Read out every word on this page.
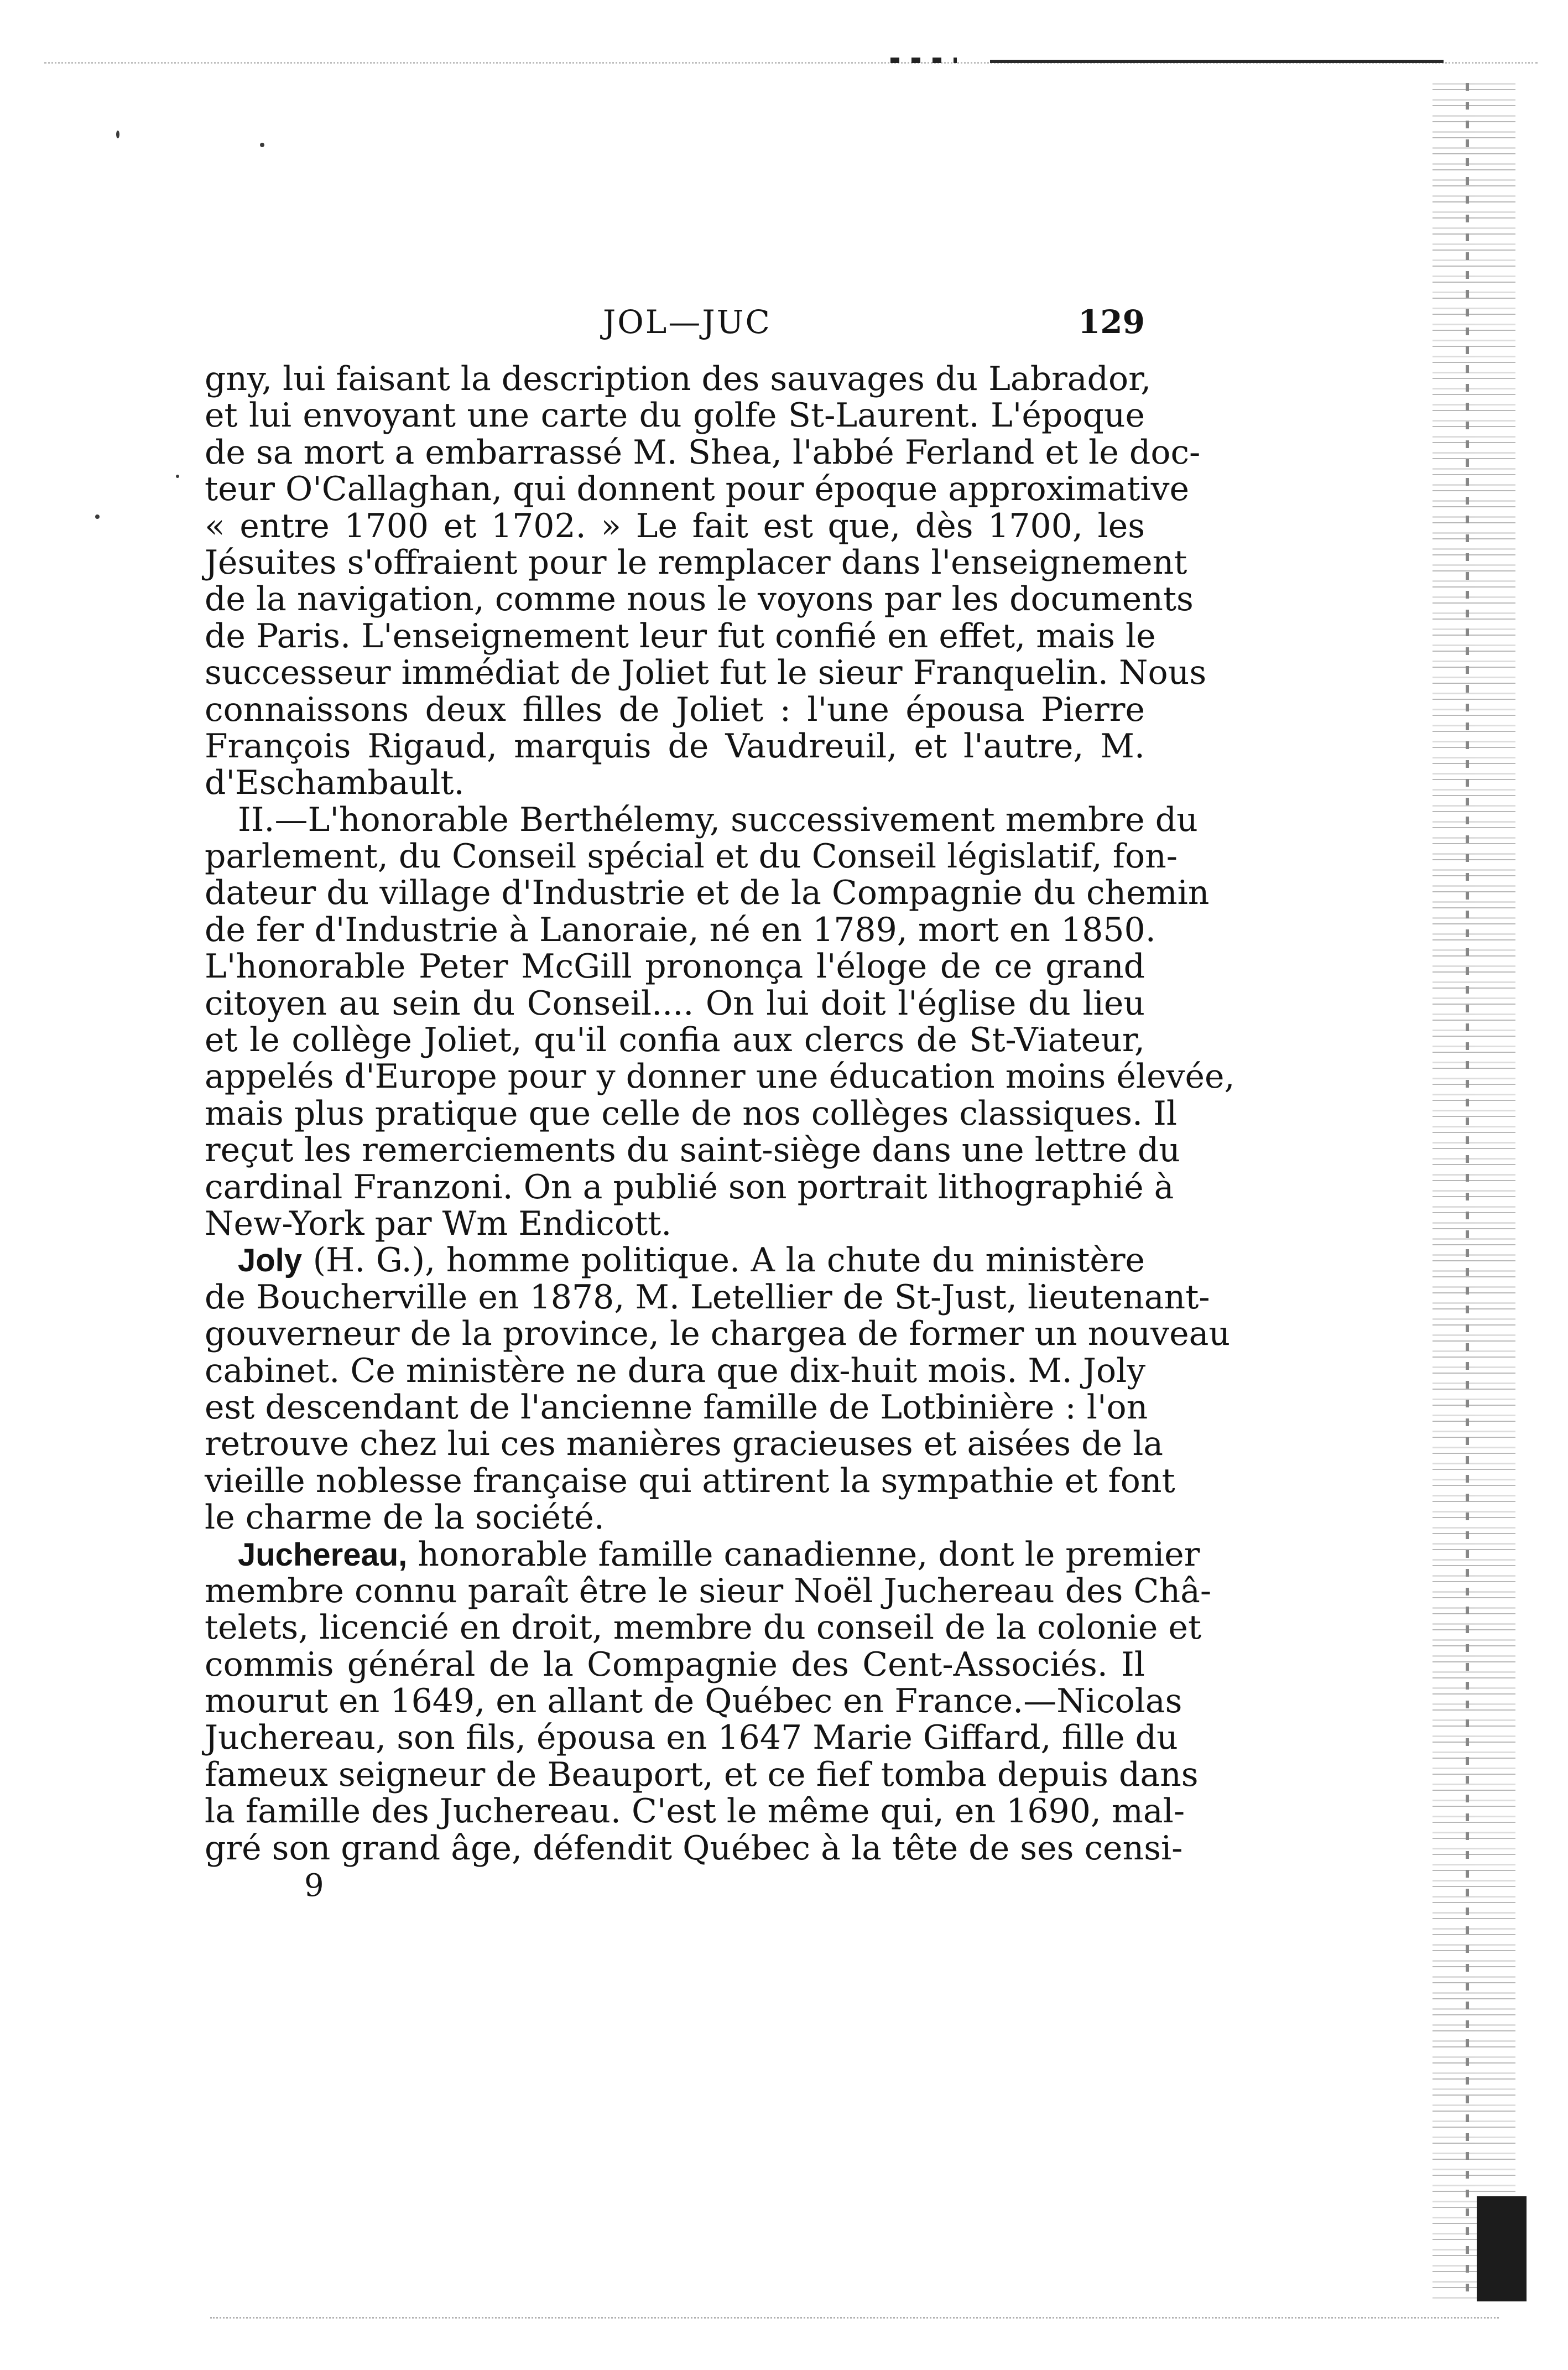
JOL—JUC	129
gny, lui faisant la description des sauvages du Labrador,
et lui envoyant une carte du golfe St-Laurent. L'époque
de sa mort a embarrassé M. Shea, l'abbé Ferland et le doc-
teur O'Callaghan, qui donnent pour époque approximative
« entre 1700 et 1702. » Le fait est que, dès 1700, les
Jésuites s'offraient pour le remplacer dans l'enseignement
de la navigation, comme nous le voyons par les documents
de Paris. L'enseignement leur fut confié en effet, mais le
successeur immédiat de Joliet fut le sieur Franquelin. Nous
connaissons deux filles de Joliet : l'une épousa Pierre
François Rigaud, marquis de Vaudreuil, et l'autre, M.
d'Eschambault.
II.—L'honorable Berthélemy, successivement membre du
parlement, du Conseil spécial et du Conseil législatif, fon-
dateur du village d'Industrie et de la Compagnie du chemin
de fer d'Industrie à Lanoraie, né en 1789, mort en 1850.
L'honorable Peter McGill prononça l'éloge de ce grand
citoyen au sein du Conseil.... On lui doit l'église du lieu
et le collège Joliet, qu'il confia aux clercs de St-Viateur,
appelés d'Europe pour y donner une éducation moins élevée,
mais plus pratique que celle de nos collèges classiques. Il
reçut les remerciements du saint-siège dans une lettre du
cardinal Franzoni. On a publié son portrait lithographié à
New-York par Wm Endicott.
Joly (H. G.), homme politique. A la chute du ministère
de Boucherville en 1878, M. Letellier de St-Just, lieutenant-
gouverneur de la province, le chargea de former un nouveau
cabinet. Ce ministère ne dura que dix-huit mois. M. Joly
est descendant de l'ancienne famille de Lotbinière : l'on
retrouve chez lui ces manières gracieuses et aisées de la
vieille noblesse française qui attirent la sympathie et font
le charme de la société.
Juchereau, honorable famille canadienne, dont le premier
membre connu paraît être le sieur Noël Juchereau des Châ-
telets, licencié en droit, membre du conseil de la colonie et
commis général de la Compagnie des Cent-Associés. Il
mourut en 1649, en allant de Québec en France.—Nicolas
Juchereau, son fils, épousa en 1647 Marie Giffard, fille du
fameux seigneur de Beauport, et ce fief tomba depuis dans
la famille des Juchereau. C'est le même qui, en 1690, mal-
gré son grand âge, défendit Québec à la tête de ses censi-
9
